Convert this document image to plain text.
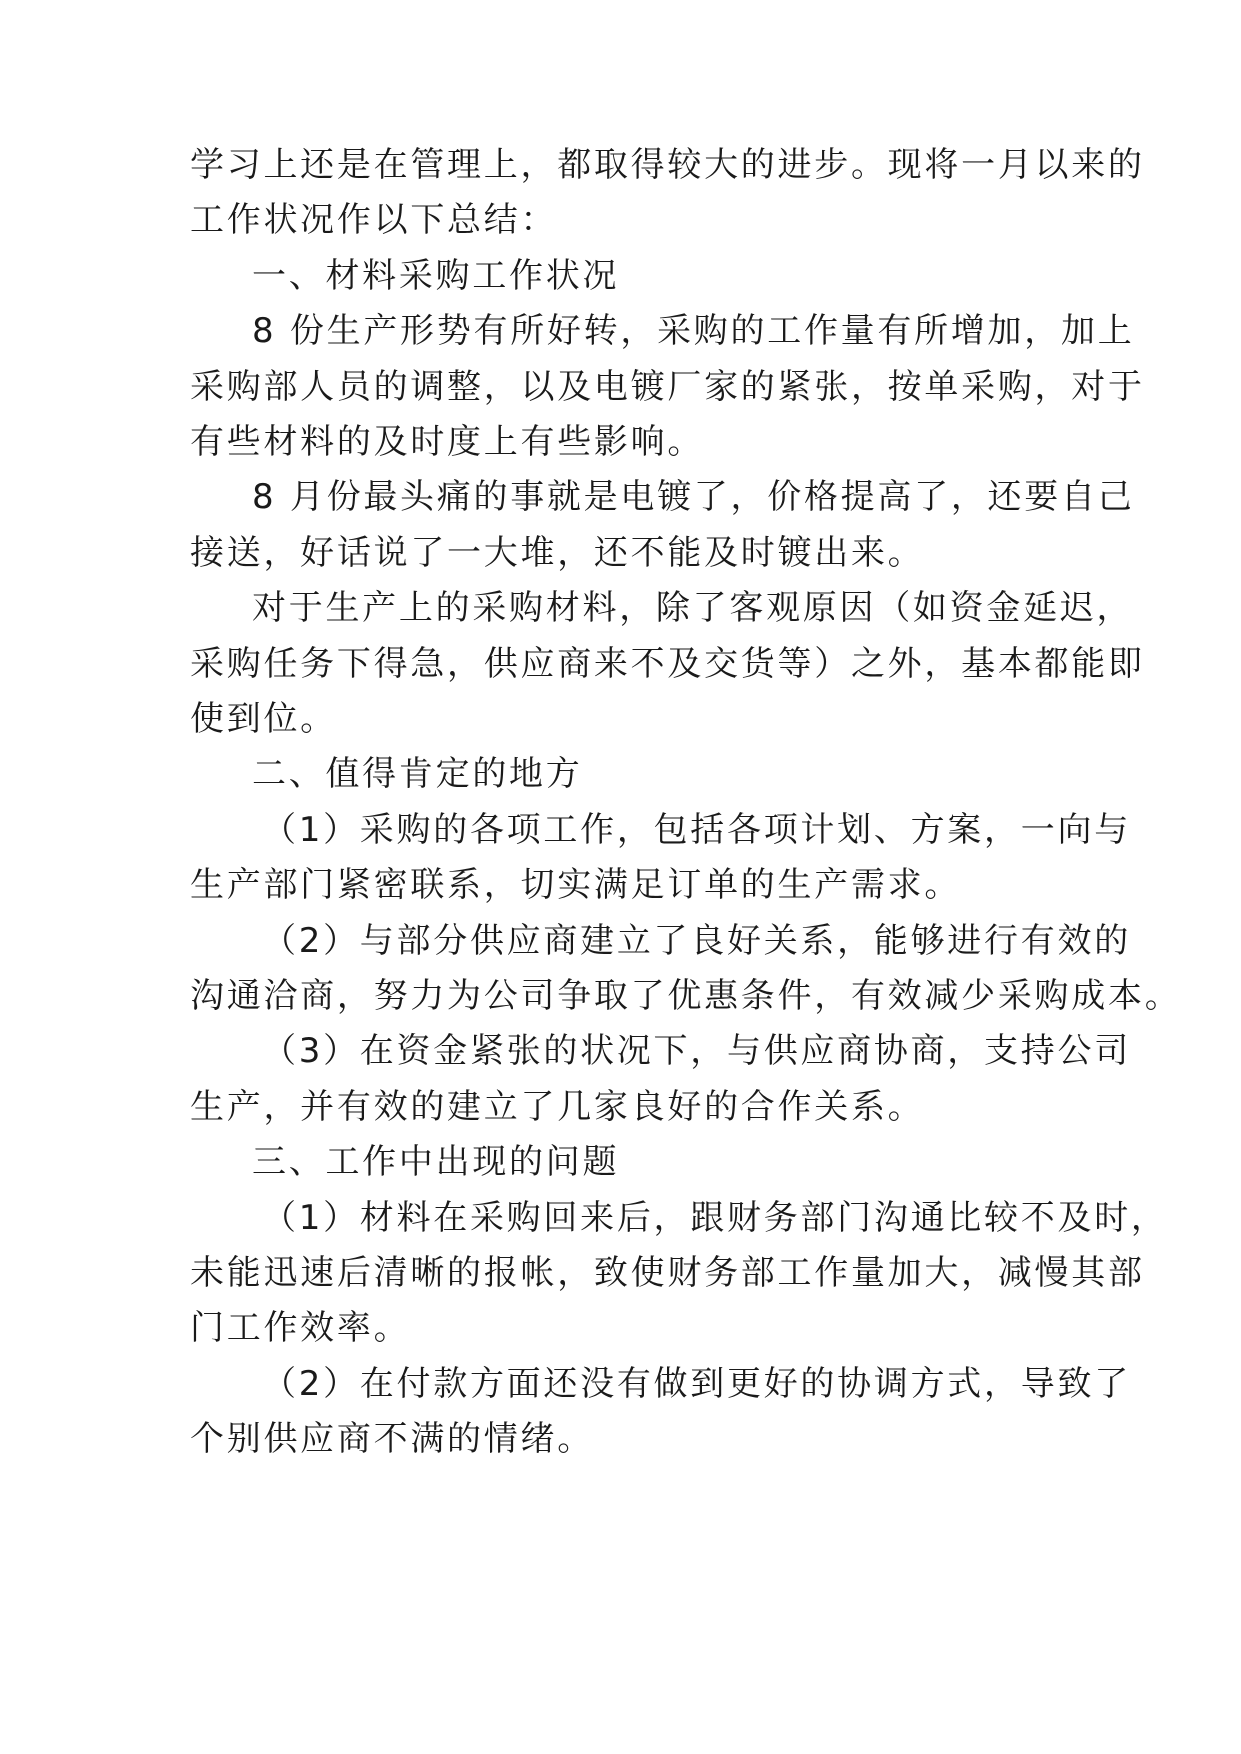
学习上还是在管理上，都取得较大的进步。现将一月以来的
工作状况作以下总结：
一、材料采购工作状况
8 份生产形势有所好转，采购的工作量有所增加，加上
采购部人员的调整，以及电镀厂家的紧张，按单采购，对于
有些材料的及时度上有些影响。
8 月份最头痛的事就是电镀了，价格提高了，还要自己
接送，好话说了一大堆，还不能及时镀出来。
对于生产上的采购材料，除了客观原因（如资金延迟，
采购任务下得急，供应商来不及交货等）之外，基本都能即
使到位。
二、值得肯定的地方
（1）采购的各项工作，包括各项计划、方案，一向与
生产部门紧密联系，切实满足订单的生产需求。
（2）与部分供应商建立了良好关系，能够进行有效的
沟通洽商，努力为公司争取了优惠条件，有效减少采购成本。
（3）在资金紧张的状况下，与供应商协商，支持公司
生产，并有效的建立了几家良好的合作关系。
三、工作中出现的问题
（1）材料在采购回来后，跟财务部门沟通比较不及时，
未能迅速后清晰的报帐，致使财务部工作量加大，减慢其部
门工作效率。
（2）在付款方面还没有做到更好的协调方式，导致了
个别供应商不满的情绪。
